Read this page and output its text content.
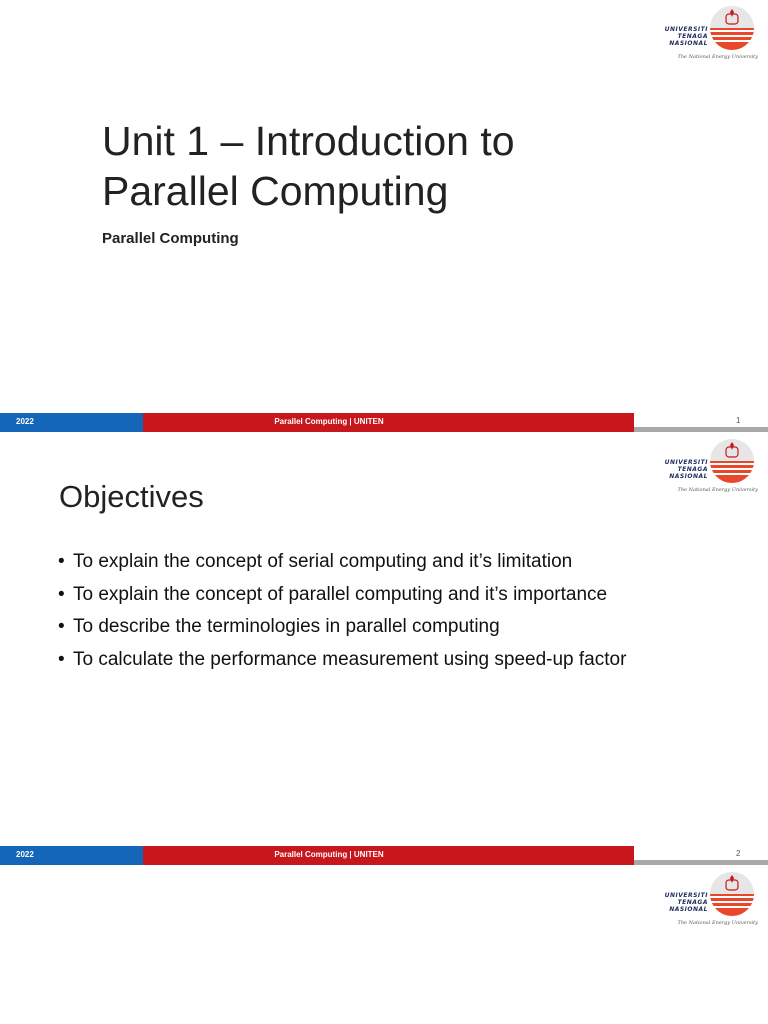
UNIVERSITI
TENAGA
NASIONAL
The National Energy University
Unit 1 – Introduction to
Parallel Computing
Parallel Computing
2022	Parallel Computing | UNITEN	1
UNIVERSITI
TENAGA
NASIONAL
The National Energy University
Objectives
• To explain the concept of serial computing and it’s limitation
• To explain the concept of parallel computing and it’s importance
• To describe the terminologies in parallel computing
• To calculate the performance measurement using speed-up factor
2022	Parallel Computing | UNITEN	2
UNIVERSITI
TENAGA
NASIONAL
The National Energy University
